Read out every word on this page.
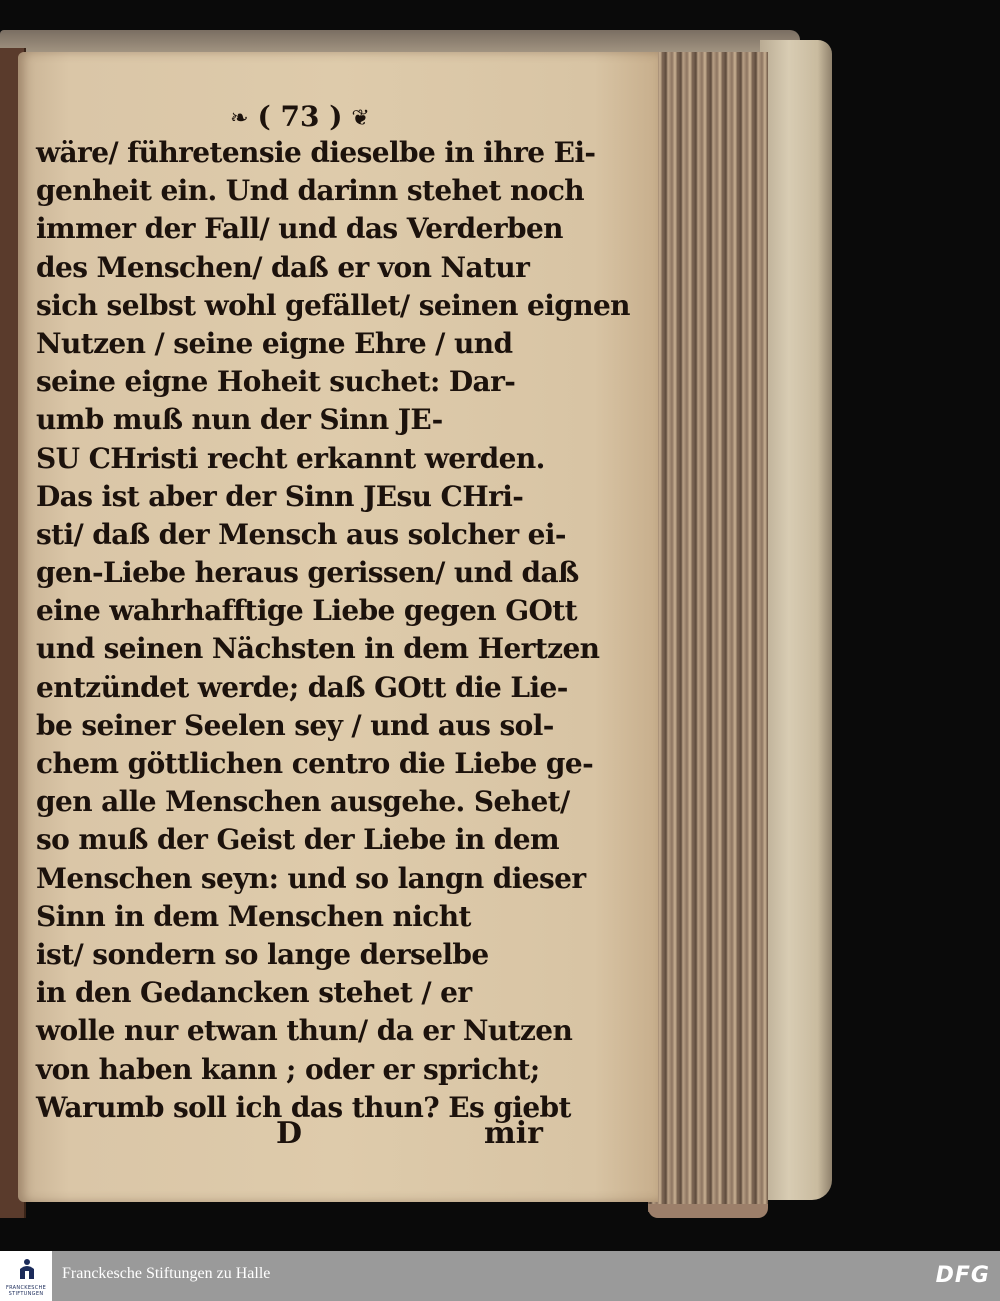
❧ ( 73 ) ❦
wäre/ führetensie dieselbe in ihre Ei-
genheit ein. Und darinn stehet noch
immer der Fall/ und das Verderben
des Menschen/ daß er von Natur
sich selbst wohl gefället/ seinen eignen
Nutzen / seine eigne Ehre / und
seine eigne Hoheit suchet: Dar-
umb muß nun der Sinn JE-
SU CHristi recht erkannt werden.
Das ist aber der Sinn JEsu CHri-
sti/ daß der Mensch aus solcher ei-
gen-Liebe heraus gerissen/ und daß
eine wahrhafftige Liebe gegen GOtt
und seinen Nächsten in dem Hertzen
entzündet werde; daß GOtt die Lie-
be seiner Seelen sey / und aus sol-
chem göttlichen centro die Liebe ge-
gen alle Menschen ausgehe. Sehet/
so muß der Geist der Liebe in dem
Menschen seyn: und so langn dieser
Sinn in dem Menschen nicht
ist/ sondern so lange derselbe
in den Gedancken stehet / er
wolle nur etwan thun/ da er Nutzen
von haben kann ; oder er spricht;
Warumb soll ich das thun? Es giebt
D	mir
FRANCKESCHE STIFTUNGEN
Franckesche Stiftungen zu Halle	DFG
